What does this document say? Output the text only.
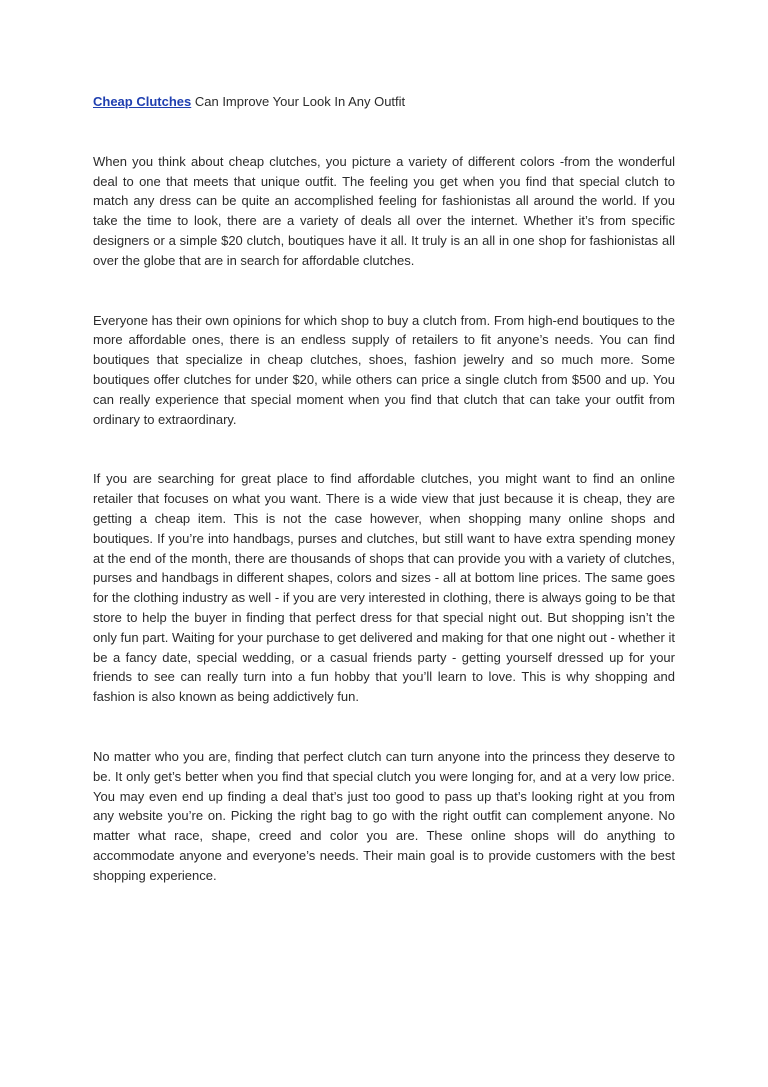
Cheap Clutches Can Improve Your Look In Any Outfit

When you think about cheap clutches, you picture a variety of different colors -from the wonderful deal to one that meets that unique outfit. The feeling you get when you find that special clutch to match any dress can be quite an accomplished feeling for fashionistas all around the world. If you take the time to look, there are a variety of deals all over the internet. Whether it’s from specific designers or a simple $20 clutch, boutiques have it all. It truly is an all in one shop for fashionistas all over the globe that are in search for affordable clutches.

Everyone has their own opinions for which shop to buy a clutch from. From high-end boutiques to the more affordable ones, there is an endless supply of retailers to fit anyone’s needs. You can find boutiques that specialize in cheap clutches, shoes, fashion jewelry and so much more. Some boutiques offer clutches for under $20, while others can price a single clutch from $500 and up. You can really experience that special moment when you find that clutch that can take your outfit from ordinary to extraordinary.

If you are searching for great place to find affordable clutches, you might want to find an online retailer that focuses on what you want. There is a wide view that just because it is cheap, they are getting a cheap item. This is not the case however, when shopping many online shops and boutiques. If you’re into handbags, purses and clutches, but still want to have extra spending money at the end of the month, there are thousands of shops that can provide you with a variety of clutches, purses and handbags in different shapes, colors and sizes - all at bottom line prices. The same goes for the clothing industry as well - if you are very interested in clothing, there is always going to be that store to help the buyer in finding that perfect dress for that special night out. But shopping isn’t the only fun part. Waiting for your purchase to get delivered and making for that one night out - whether it be a fancy date, special wedding, or a casual friends party - getting yourself dressed up for your friends to see can really turn into a fun hobby that you’ll learn to love. This is why shopping and fashion is also known as being addictively fun.

No matter who you are, finding that perfect clutch can turn anyone into the princess they deserve to be. It only get’s better when you find that special clutch you were longing for, and at a very low price. You may even end up finding a deal that’s just too good to pass up that’s looking right at you from any website you’re on. Picking the right bag to go with the right outfit can complement anyone. No matter what race, shape, creed and color you are. These online shops will do anything to accommodate anyone and everyone’s needs. Their main goal is to provide customers with the best shopping experience.
